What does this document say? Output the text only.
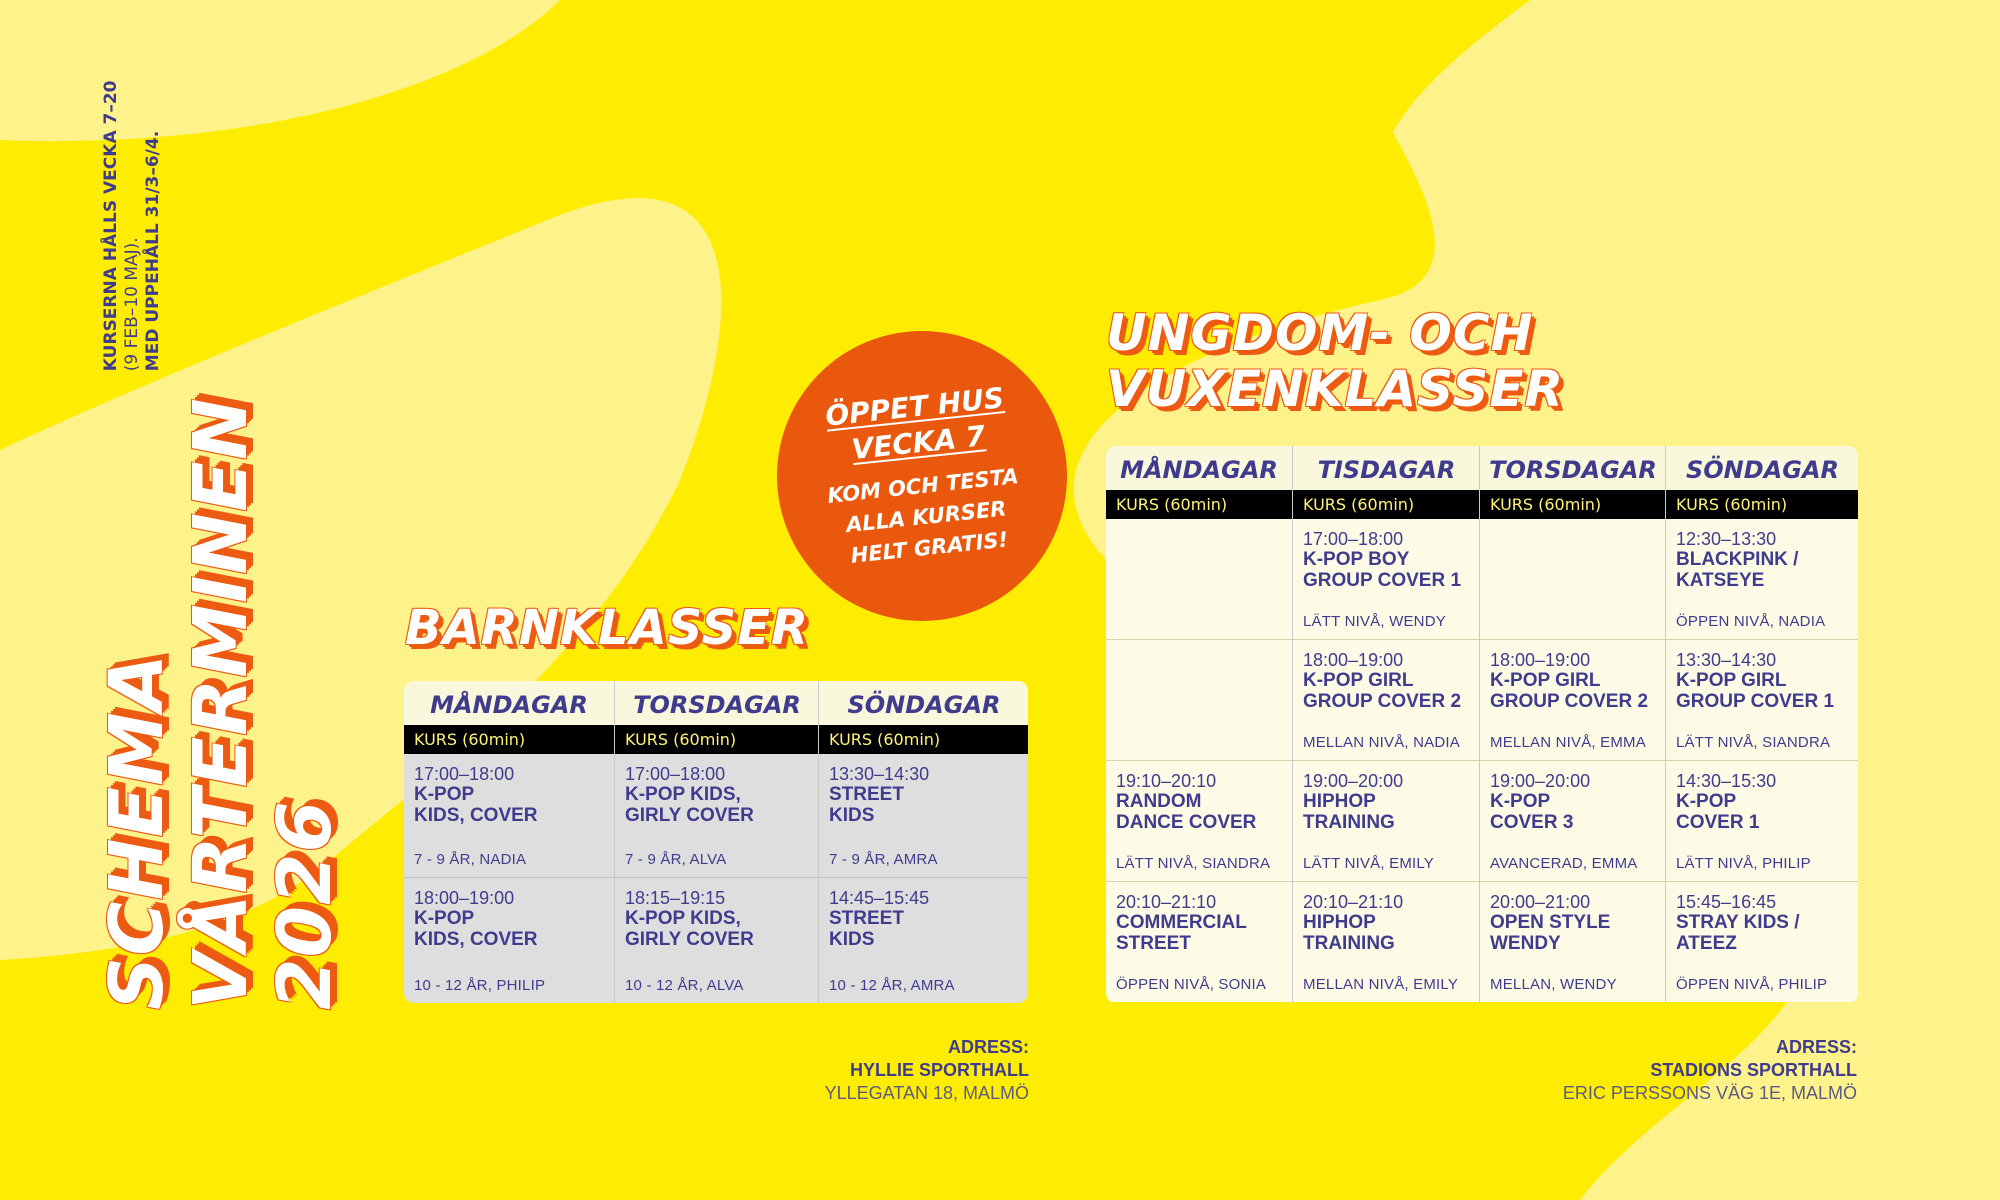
SCHEMA
VÅRTERMINEN
2026
KURSERNA HÅLLS VECKA 7–20 (9 FEB–10 MAJ). MED UPPEHÅLL 31/3–6/4.
ÖPPET HUS
VECKA 7
KOM OCH TESTA
ALLA KURSER
HELT GRATIS!
BARNKLASSER
MÅNDAGAR
KURS (60min)
17:00–18:00
K-POP
KIDS, COVER
7 - 9 ÅR, NADIA
18:00–19:00
K-POP
KIDS, COVER
10 - 12 ÅR, PHILIP
TORSDAGAR
KURS (60min)
17:00–18:00
K-POP KIDS,
GIRLY COVER
7 - 9 ÅR, ALVA
18:15–19:15
K-POP KIDS,
GIRLY COVER
10 - 12 ÅR, ALVA
SÖNDAGAR
KURS (60min)
13:30–14:30
STREET
KIDS
7 - 9 ÅR, AMRA
14:45–15:45
STREET
KIDS
10 - 12 ÅR, AMRA
ADRESS:
HYLLIE SPORTHALL
YLLEGATAN 18, MALMÖ
UNGDOM- OCH
VUXENKLASSER
MÅNDAGAR
KURS (60min)
19:10–20:10
RANDOM
DANCE COVER
LÄTT NIVÅ, SIANDRA
20:10–21:10
COMMERCIAL
STREET
ÖPPEN NIVÅ, SONIA
TISDAGAR
KURS (60min)
17:00–18:00
K-POP BOY
GROUP COVER 1
LÄTT NIVÅ, WENDY
18:00–19:00
K-POP GIRL
GROUP COVER 2
MELLAN NIVÅ, NADIA
19:00–20:00
HIPHOP
TRAINING
LÄTT NIVÅ, EMILY
20:10–21:10
HIPHOP
TRAINING
MELLAN NIVÅ, EMILY
TORSDAGAR
KURS (60min)
18:00–19:00
K-POP GIRL
GROUP COVER 2
MELLAN NIVÅ, EMMA
19:00–20:00
K-POP
COVER 3
AVANCERAD, EMMA
20:00–21:00
OPEN STYLE
WENDY
MELLAN, WENDY
SÖNDAGAR
KURS (60min)
12:30–13:30
BLACKPINK /
KATSEYE
ÖPPEN NIVÅ, NADIA
13:30–14:30
K-POP GIRL
GROUP COVER 1
LÄTT NIVÅ, SIANDRA
14:30–15:30
K-POP
COVER 1
LÄTT NIVÅ, PHILIP
15:45–16:45
STRAY KIDS /
ATEEZ
ÖPPEN NIVÅ, PHILIP
ADRESS:
STADIONS SPORTHALL
ERIC PERSSONS VÄG 1E, MALMÖ
